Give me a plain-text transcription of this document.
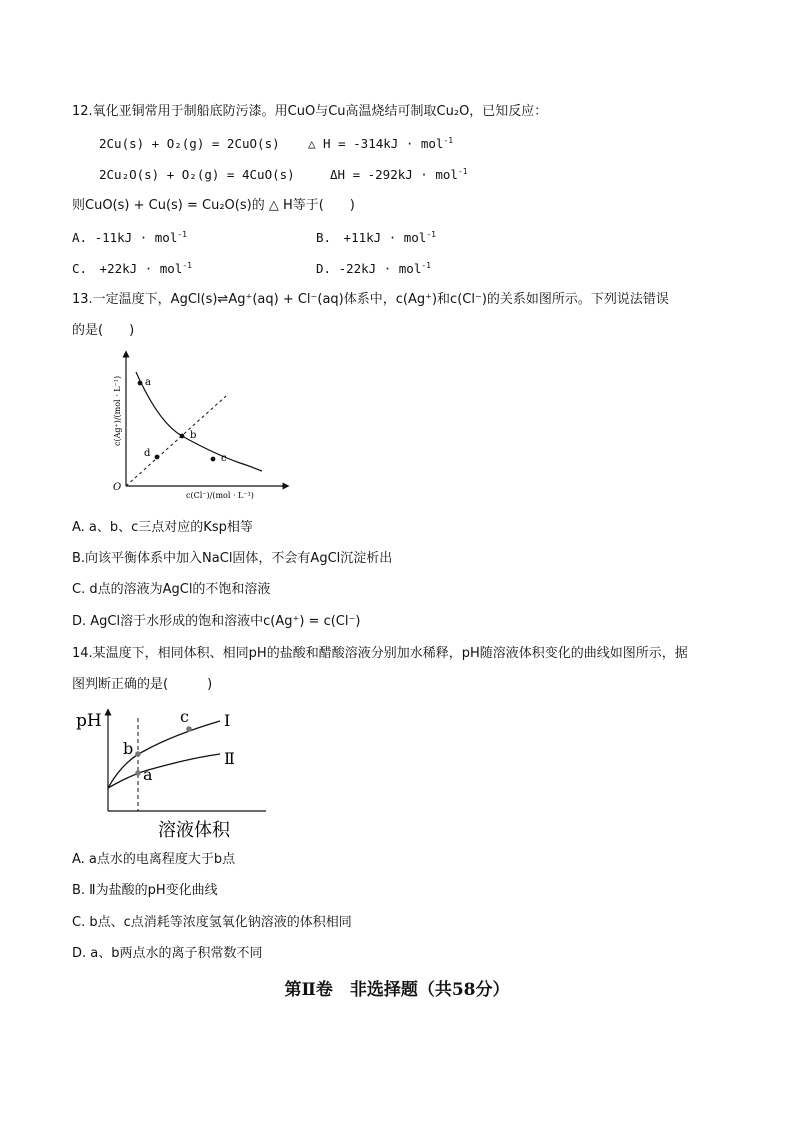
12.氧化亚铜常用于制船底防污漆。用CuO与Cu高温烧结可制取Cu₂O，已知反应：
2Cu(s) + O₂(g) = 2CuO(s) △ H = -314kJ · mol$^{-1}$
2Cu₂O(s) + O₂(g) = 4CuO(s)	ΔH = -292kJ · mol$^{-1}$
则CuO(s) + Cu(s) = Cu₂O(s)的 △ H等于(　　)
A. -11kJ · mol$^{-1}$	B.　+11kJ · mol$^{-1}$
C.　+22kJ · mol$^{-1}$	D. -22kJ · mol$^{-1}$
13.一定温度下，AgCl(s)⇌Ag⁺(aq) + Cl⁻(aq)体系中，c(Ag⁺)和c(Cl⁻)的关系如图所示。下列说法错误
的是(　　)
a
b
c
d
O
c(Ag⁺)/(mol · L⁻¹)
c(Cl⁻)/(mol · L⁻¹)
A. a、b、c三点对应的Ksp相等
B.向该平衡体系中加入NaCl固体，不会有AgCl沉淀析出
C. d点的溶液为AgCl的不饱和溶液
D. AgCl溶于水形成的饱和溶液中c(Ag⁺) = c(Cl⁻)
14.某温度下，相同体积、相同pH的盐酸和醋酸溶液分别加水稀释，pH随溶液体积变化的曲线如图所示，据
图判断正确的是(　　　)
b
a
c Ⅰ
Ⅱ
pH
溶液体积
A. a点水的电离程度大于b点
B. Ⅱ为盐酸的pH变化曲线
C. b点、c点消耗等浓度氢氧化钠溶液的体积相同
D. a、b两点水的离子积常数不同
第Ⅱ卷　非选择题（共58分）
